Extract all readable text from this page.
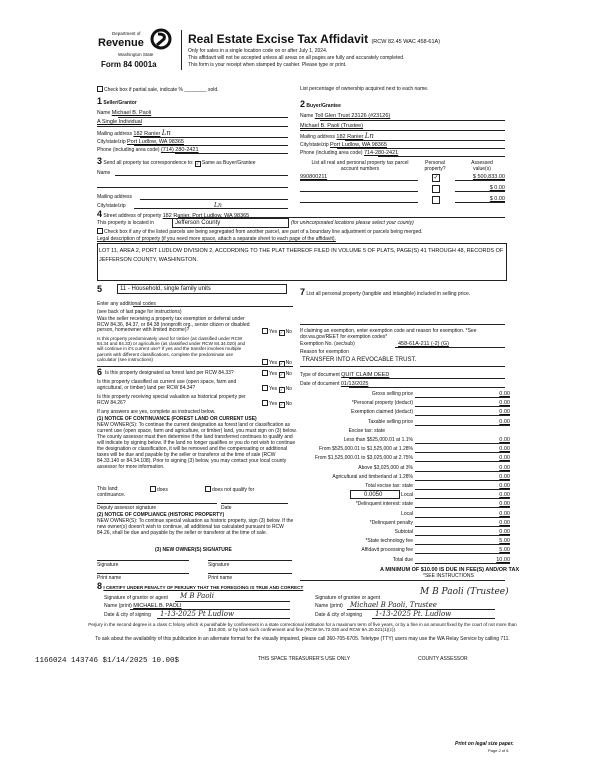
Department of
Revenue
Washington State
Form 84 0001a
Real Estate Excise Tax Affidavit (RCW 82.45 WAC 458-61A)
Only for sales in a single location code on or after July 1, 2024.
This affidavit will not be accepted unless all areas on all pages are fully and accurately completed.
This form is your receipt when stamped by cashier. Please type or print.
Check box if partial sale, indicate % ________ sold.	List percentage of ownership acquired next to each name.
1 Seller/Grantor
Name Michael B. Paoli
A Single Individual
Mailing address 182 Ranier Ln
City/state/zip Port Ludlow, WA 98365
Phone (including area code) (714) 280-2421
2 Buyer/Grantee
Name Toll Glen Trust 23126 (#23126)
Michael B. Paoli (Trustee)
Mailing address 182 Ranier Ln
City/state/zip Port Ludlow, WA 98365
Phone (including area code) 714-280-2421
3 Send all property tax correspondence to: ✓ Same as Buyer/Grantee
Name
Mailing address
City/state/zip
List all real and personal property tax parcel account numbers
Personal property?
Assessed value(s)
990800211	✓	$ 500,833.00
$ 0.00
$ 0.00
Ln
4 Street address of property 182 Ranier, Port Ludlow, WA 98365
This property is located in	Jefferson County	(for unincorporated locations please select your county)
Check box if any of the listed parcels are being segregated from another parcel, are part of a boundary line adjustment or parcels being merged.
Legal description of property (if you need more space, attach a separate sheet to each page of the affidavit).
LOT 11, AREA 2, PORT LUDLOW DIVISION 2, ACCORDING TO THE PLAT THEREOF FILED IN VOLUME 5 OF PLATS, PAGE(S) 41 THROUGH 48, RECORDS OF JEFFERSON COUNTY, WASHINGTON.
5	11 - Household, single family units
Enter any additional codes
(see back of last page for instructions)
Was the seller receiving a property tax exemption or deferral under RCW 84.36, 84.37, or 84.38 (nonprofit org., senior citizen or disabled person, homeowner with limited income)?	Yes ✓ No
Is this property predominately used for timber (as classified under RCW 84.34 and 84.33) or agriculture (as classified under RCW 84.34.020) and will continue in it's current use? If yes and the transfer involves multiple parcels with different classifications, complete the predominate use calculator (see instructions)
Yes ✓ No
6 Is this property designated as forest land per RCW 84.33?	Yes ✓ No
Is this property classified as current use (open space, farm and agricultural, or timber) land per RCW 84.34?	Yes ✓ No
Is this property receiving special valuation as historical property per RCW 84.26?	Yes ✓ No
If any answers are yes, complete as instructed below.
(1) NOTICE OF CONTINUANCE (FOREST LAND OR CURRENT USE)
NEW OWNER(S): To continue the current designation as forest land or classification as current use (open space, farm and agriculture, or timber) land, you must sign on (3) below. The county assessor must then determine if the land transferred continues to qualify and will indicate by signing below. If the land no longer qualifies or you do not wish to continue the designation or classification, it will be removed and the compensating or additional taxes will be due and payable by the seller or transferor at the time of sale (RCW 84.33.140 or 84.34.108). Prior to signing (3) below, you may contact your local county assessor for more information.
This land:
continuance.
does	does not qualify for
Deputy assessor signature	Date
(2) NOTICE OF COMPLIANCE (HISTORIC PROPERTY)
NEW OWNER(S): To continue special valuation as historic property, sign (3) below. If the new owner(s) doesn't wish to continue, all additional tax calculated pursuant to RCW 84.26, shall be due and payable by the seller or transferor at the time of sale.
(3) NEW OWNER(S) SIGNATURE
Signature	Signature
Print name	Print name
7 List all personal property (tangible and intangible) included in selling price.
If claiming an exemption, enter exemption code and reason for exemption. *See dor.wa.gov/REET for exemption codes*
Exemption No. (sec/sub)	458-61A-211 (-2) (G)
Reason for exemption
TRANSFER INTO A REVOCABLE TRUST.
Type of document QUIT CLAIM DEED
Date of document 01/13/2025
Gross selling price	0.00
*Personal property (deduct)	0.00
Exemption claimed (deduct)	0.00
Taxable selling price	0.00
Excise tax: state
Less than $525,000.01 at 1.1%	0.00
From $525,000.01 to $1,525,000 at 1.28%	0.00
From $1,525,000.01 to $3,025,000 at 2.75%	0.00
Above $3,025,000 at 3%	0.00
Agricultural and timberland at 1.28%	0.00
Total excise tax: state	0.00
Local	0.00
*Delinquent interest: state	0.00
Local	0.00
*Delinquent penalty	0.00
Subtotal	0.00
*State technology fee	5.00
Affidavit processing fee	5.00
Total due	10.00
0.0050
A MINIMUM OF $10.00 IS DUE IN FEE(S) AND/OR TAX
*SEE INSTRUCTIONS
8 I CERTIFY UNDER PENALTY OF PERJURY THAT THE FOREGOING IS TRUE AND CORRECT
Signature of grantor or agent M B Paoli
Name (print) MICHAEL B. PAOLI
Date & city of signing 1-13-2025 Pt Ludlow
Signature of grantee or agent
M B Paoli (Trustee)
Name (print) Michael B Paoli, Trustee
Date & city of signing 1-13-2025 Pt. Ludlow
Perjury in the second degree is a class C felony which is punishable by confinement in a state correctional institution for a maximum term of five years, or by a fine in an amount fixed by the court of not more than $10,000, or by both such confinement and fine (RCW 9A.72.030 and RCW 9A.20.021(1)(c)).
To ask about the availability of this publication in an alternate format for the visually impaired, please call 360-705-6705. Teletype (TTY) users may use the WA Relay Service by calling 711.
1166024 143746 $1/14/2025 10.00$	THIS SPACE TREASURER'S USE ONLY	COUNTY ASSESSOR
Print on legal size paper.
Page 2 of 6
